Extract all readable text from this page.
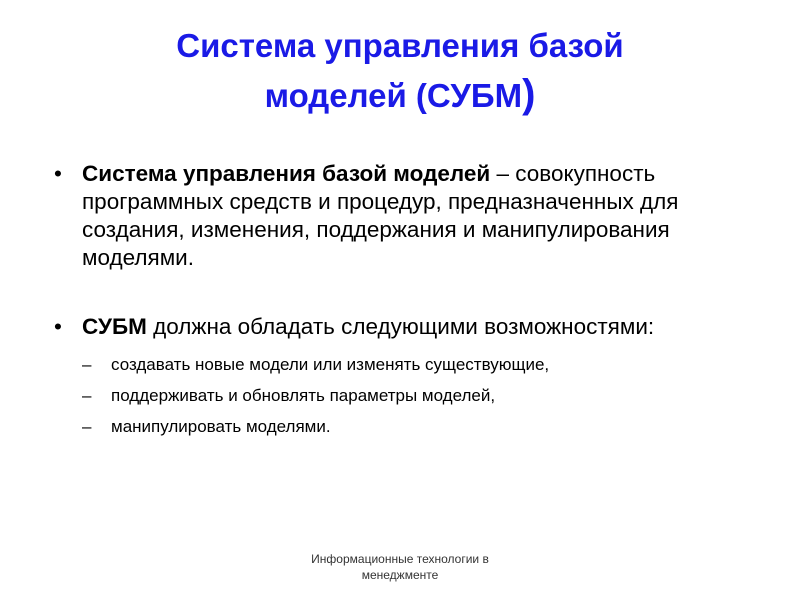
Система управления базой
моделей (СУБМ)
• Система управления базой моделей – совокупность программных средств и процедур, предназначенных для создания, изменения, поддержания и манипулирования моделями.
• СУБМ должна обладать следующими возможностями:
– создавать новые модели или изменять существующие,
– поддерживать и обновлять параметры моделей,
– манипулировать моделями.
Информационные технологии в
менеджменте
